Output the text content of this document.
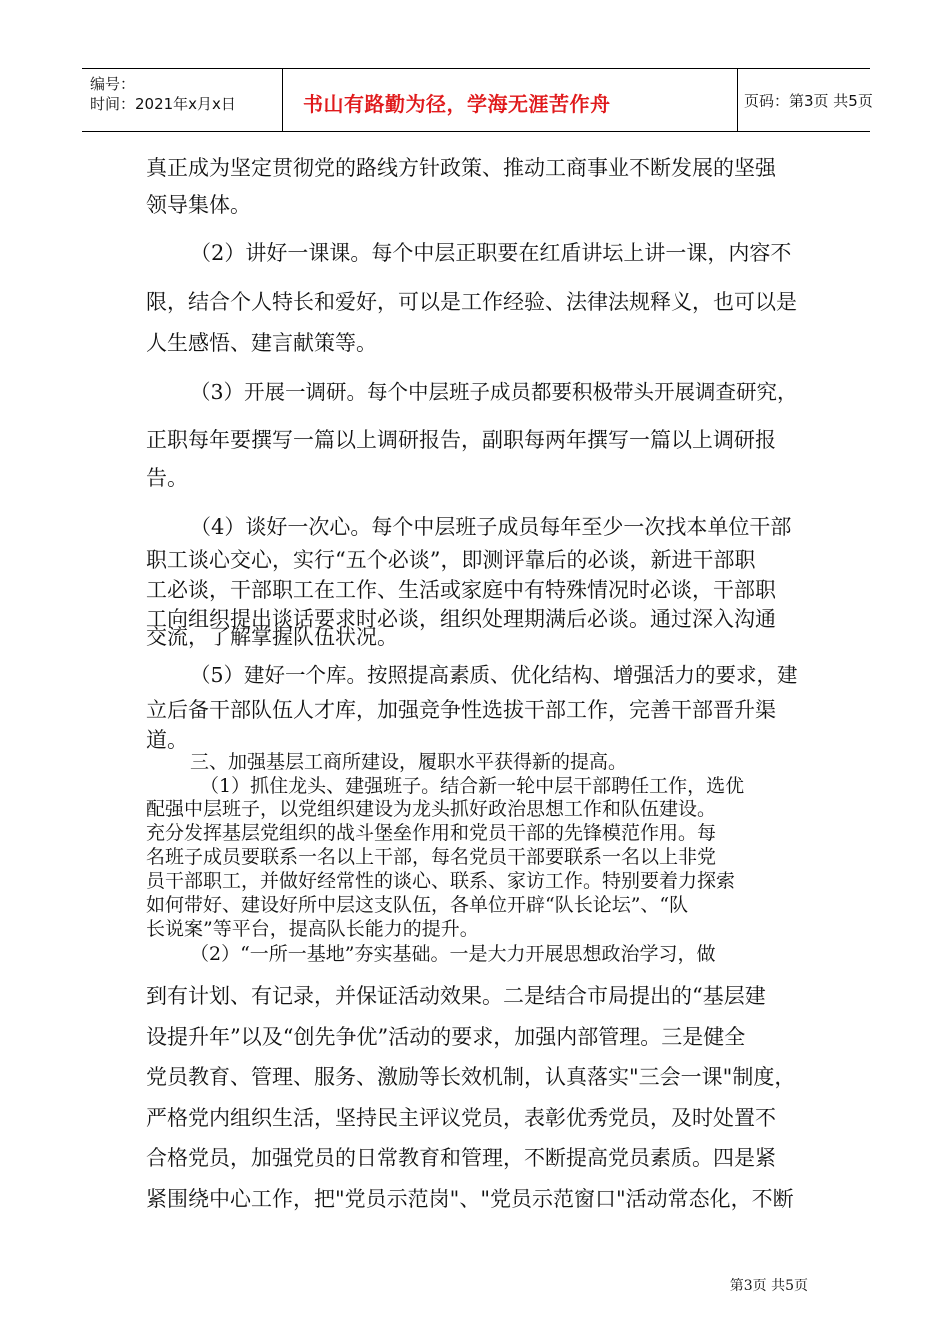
编号：
时间：2021年x月x日	书山有路勤为径，学海无涯苦作舟	页码：第3页 共5页
真正成为坚定贯彻党的路线方针政策、推动工商事业不断发展的坚强
领导集体。
（2）讲好一课课。每个中层正职要在红盾讲坛上讲一课，内容不
限，结合个人特长和爱好，可以是工作经验、法律法规释义，也可以是
人生感悟、建言献策等。
（3）开展一调研。每个中层班子成员都要积极带头开展调查研究，
正职每年要撰写一篇以上调研报告，副职每两年撰写一篇以上调研报
告。
（4）谈好一次心。每个中层班子成员每年至少一次找本单位干部
职工谈心交心，实行“五个必谈”，即测评靠后的必谈，新进干部职
工必谈，干部职工在工作、生活或家庭中有特殊情况时必谈，干部职
工向组织提出谈话要求时必谈，组织处理期满后必谈。通过深入沟通
交流，了解掌握队伍状况。
（5）建好一个库。按照提高素质、优化结构、增强活力的要求，建
立后备干部队伍人才库，加强竞争性选拔干部工作，完善干部晋升渠
道。
三、加强基层工商所建设，履职水平获得新的提高。
（1）抓住龙头、建强班子。结合新一轮中层干部聘任工作，选优
配强中层班子，以党组织建设为龙头抓好政治思想工作和队伍建设。
充分发挥基层党组织的战斗堡垒作用和党员干部的先锋模范作用。每
名班子成员要联系一名以上干部，每名党员干部要联系一名以上非党
员干部职工，并做好经常性的谈心、联系、家访工作。特别要着力探索
如何带好、建设好所中层这支队伍，各单位开辟“队长论坛”、“队
长说案”等平台，提高队长能力的提升。
（2）“一所一基地”夯实基础。一是大力开展思想政治学习，做
到有计划、有记录，并保证活动效果。二是结合市局提出的“基层建
设提升年”以及“创先争优”活动的要求，加强内部管理。三是健全
党员教育、管理、服务、激励等长效机制，认真落实"三会一课"制度，
严格党内组织生活，坚持民主评议党员，表彰优秀党员，及时处置不
合格党员，加强党员的日常教育和管理，不断提高党员素质。四是紧
紧围绕中心工作，把"党员示范岗"、"党员示范窗口"活动常态化，不断
第3页 共5页
